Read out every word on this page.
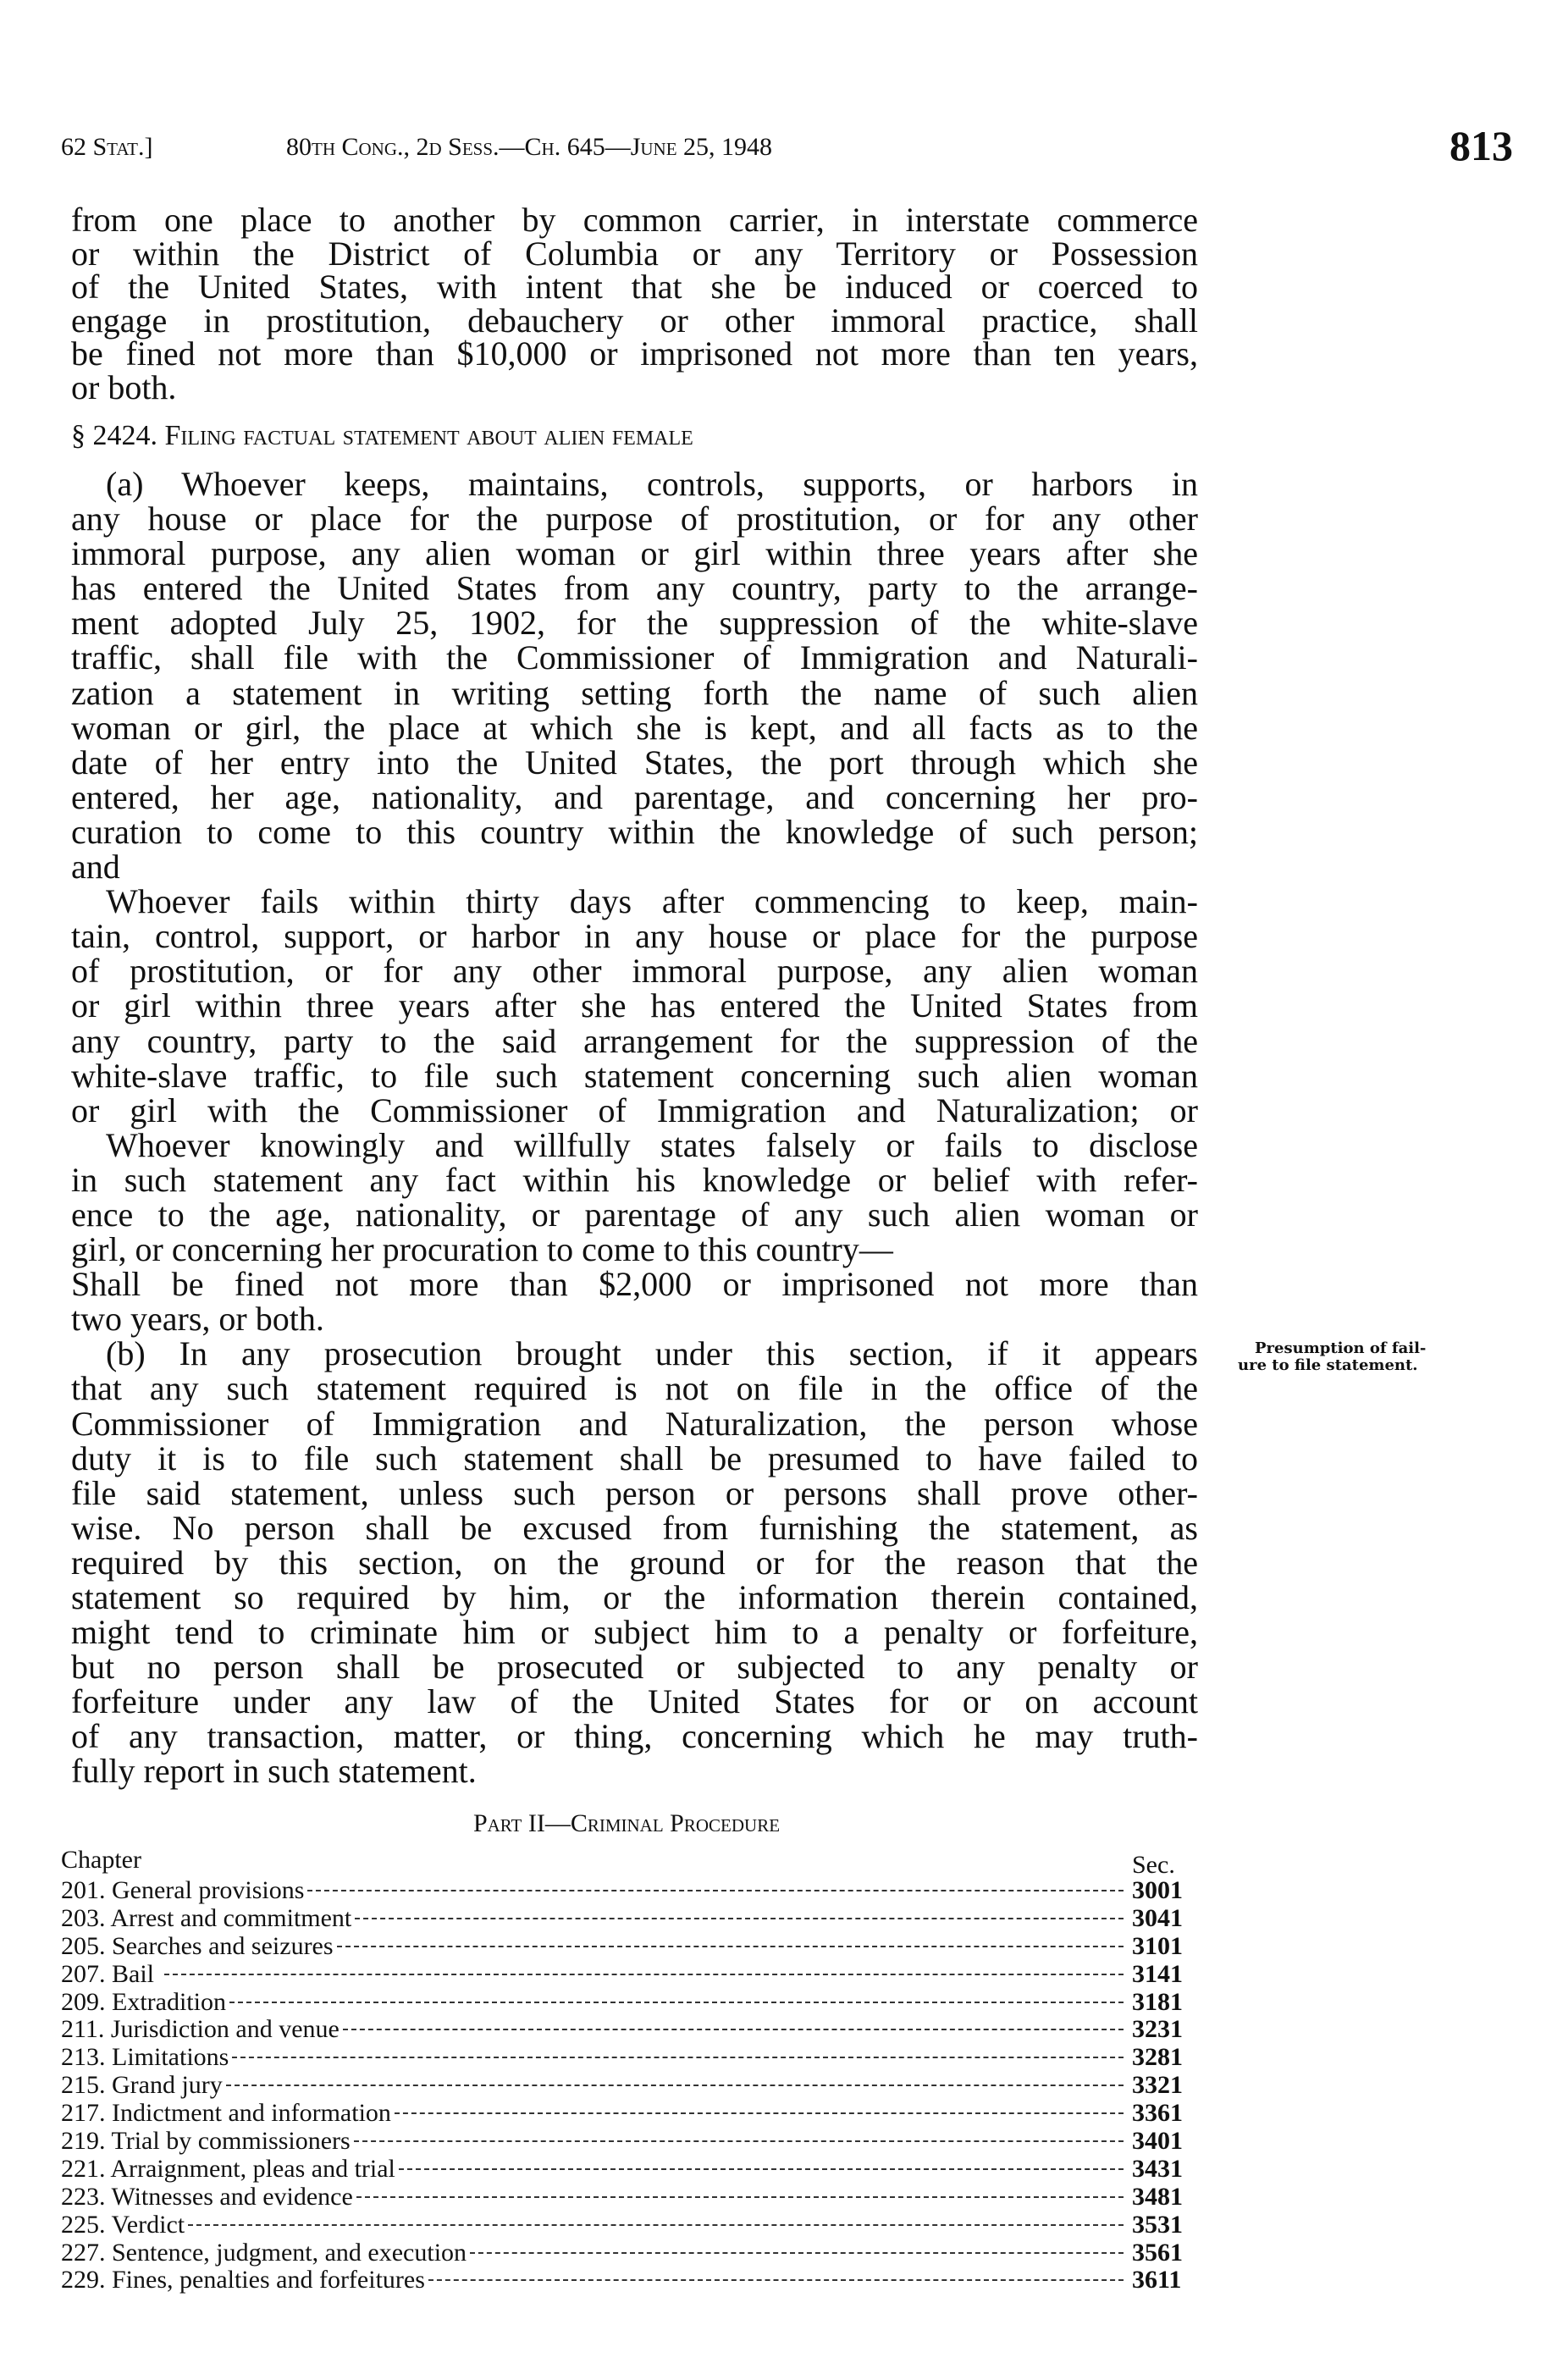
62 Stat.]	80th Cong., 2d Sess.—Ch. 645—June 25, 1948	813
from one place to another by common carrier, in interstate commerce
or within the District of Columbia or any Territory or Possession
of the United States, with intent that she be induced or coerced to
engage in prostitution, debauchery or other immoral practice, shall
be fined not more than $10,000 or imprisoned not more than ten years,
or both.
§ 2424. Filing factual statement about alien female
(a) Whoever keeps, maintains, controls, supports, or harbors in
any house or place for the purpose of prostitution, or for any other
immoral purpose, any alien woman or girl within three years after she
has entered the United States from any country, party to the arrange-
ment adopted July 25, 1902, for the suppression of the white-slave
traffic, shall file with the Commissioner of Immigration and Naturali-
zation a statement in writing setting forth the name of such alien
woman or girl, the place at which she is kept, and all facts as to the
date of her entry into the United States, the port through which she
entered, her age, nationality, and parentage, and concerning her pro-
curation to come to this country within the knowledge of such person;
and
Whoever fails within thirty days after commencing to keep, main-
tain, control, support, or harbor in any house or place for the purpose
of prostitution, or for any other immoral purpose, any alien woman
or girl within three years after she has entered the United States from
any country, party to the said arrangement for the suppression of the
white-slave traffic, to file such statement concerning such alien woman
or girl with the Commissioner of Immigration and Naturalization; or
Whoever knowingly and willfully states falsely or fails to disclose
in such statement any fact within his knowledge or belief with refer-
ence to the age, nationality, or parentage of any such alien woman or
girl, or concerning her procuration to come to this country—
Shall be fined not more than $2,000 or imprisoned not more than
two years, or both.
(b) In any prosecution brought under this section, if it appears
that any such statement required is not on file in the office of the
Commissioner of Immigration and Naturalization, the person whose
duty it is to file such statement shall be presumed to have failed to
file said statement, unless such person or persons shall prove other-
wise. No person shall be excused from furnishing the statement, as
required by this section, on the ground or for the reason that the
statement so required by him, or the information therein contained,
might tend to criminate him or subject him to a penalty or forfeiture,
but no person shall be prosecuted or subjected to any penalty or
forfeiture under any law of the United States for or on account
of any transaction, matter, or thing, concerning which he may truth-
fully report in such statement.
Presumption of fail- ure to file statement.
Part II—Criminal Procedure
Chapter	Sec.
201. General provisions	3001
203. Arrest and commitment	3041
205. Searches and seizures	3101
207. Bail	3141
209. Extradition	3181
211. Jurisdiction and venue	3231
213. Limitations	3281
215. Grand jury	3321
217. Indictment and information	3361
219. Trial by commissioners	3401
221. Arraignment, pleas and trial	3431
223. Witnesses and evidence	3481
225. Verdict	3531
227. Sentence, judgment, and execution	3561
229. Fines, penalties and forfeitures	3611
